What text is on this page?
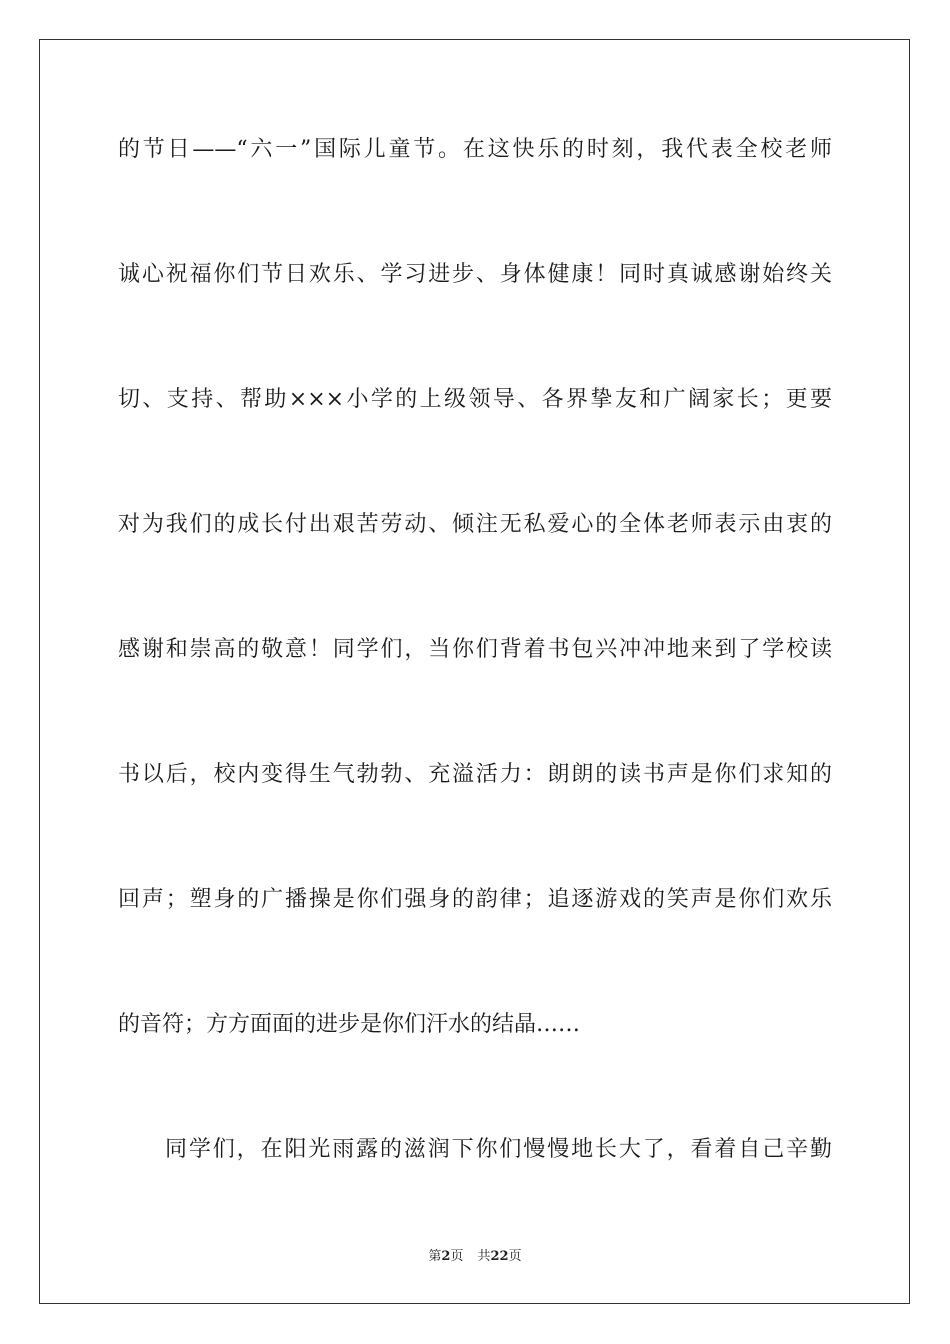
的节日——“六一”国际儿童节。在这快乐的时刻，我代表全校老师
诚心祝福你们节日欢乐、学习进步、身体健康！同时真诚感谢始终关
切、支持、帮助×××小学的上级领导、各界挚友和广阔家长；更要
对为我们的成长付出艰苦劳动、倾注无私爱心的全体老师表示由衷的
感谢和崇高的敬意！同学们，当你们背着书包兴冲冲地来到了学校读
书以后，校内变得生气勃勃、充溢活力：朗朗的读书声是你们求知的
回声；塑身的广播操是你们强身的韵律；追逐游戏的笑声是你们欢乐
的音符；方方面面的进步是你们汗水的结晶……
同学们，在阳光雨露的滋润下你们慢慢地长大了，看着自己辛勤
第2页 共22页
